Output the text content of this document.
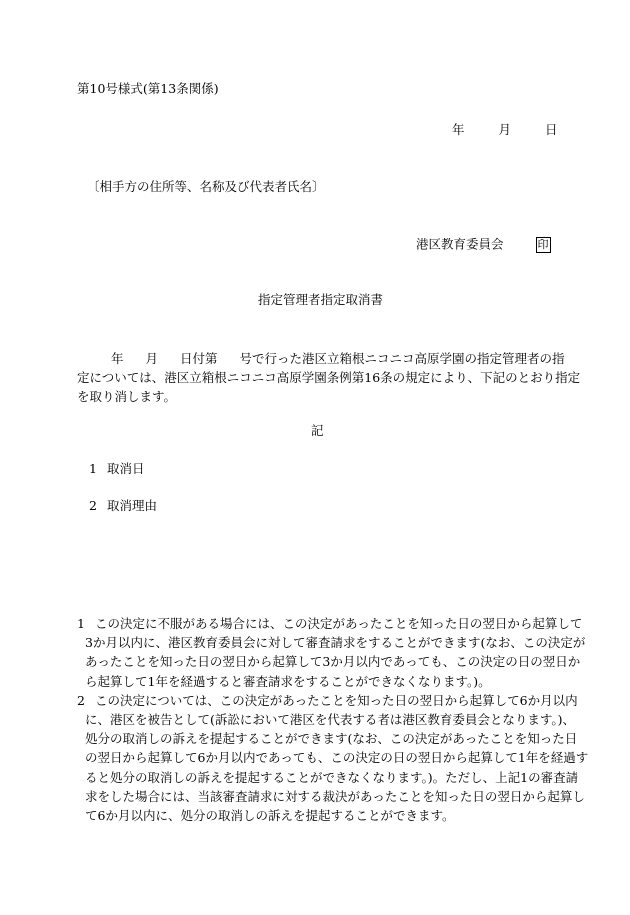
第10号様式(第13条関係)
年	月	日
〔相手方の住所等、名称及び代表者氏名〕
港区教育委員会	印
指定管理者指定取消書
年 月 日付第 号で行った港区立箱根ニコニコ高原学園の指定管理者の指
定については、港区立箱根ニコニコ高原学園条例第16条の規定により、下記のとおり指定
を取り消します。
記
1 取消日
2 取消理由
1 この決定に不服がある場合には、この決定があったことを知った日の翌日から起算して
3か月以内に、港区教育委員会に対して審査請求をすることができます(なお、この決定が
あったことを知った日の翌日から起算して3か月以内であっても、この決定の日の翌日か
ら起算して1年を経過すると審査請求をすることができなくなります。)。
2 この決定については、この決定があったことを知った日の翌日から起算して6か月以内
に、港区を被告として(訴訟において港区を代表する者は港区教育委員会となります。)、
処分の取消しの訴えを提起することができます(なお、この決定があったことを知った日
の翌日から起算して6か月以内であっても、この決定の日の翌日から起算して1年を経過す
ると処分の取消しの訴えを提起することができなくなります。)。ただし、上記1の審査請
求をした場合には、当該審査請求に対する裁決があったことを知った日の翌日から起算し
て6か月以内に、処分の取消しの訴えを提起することができます。
